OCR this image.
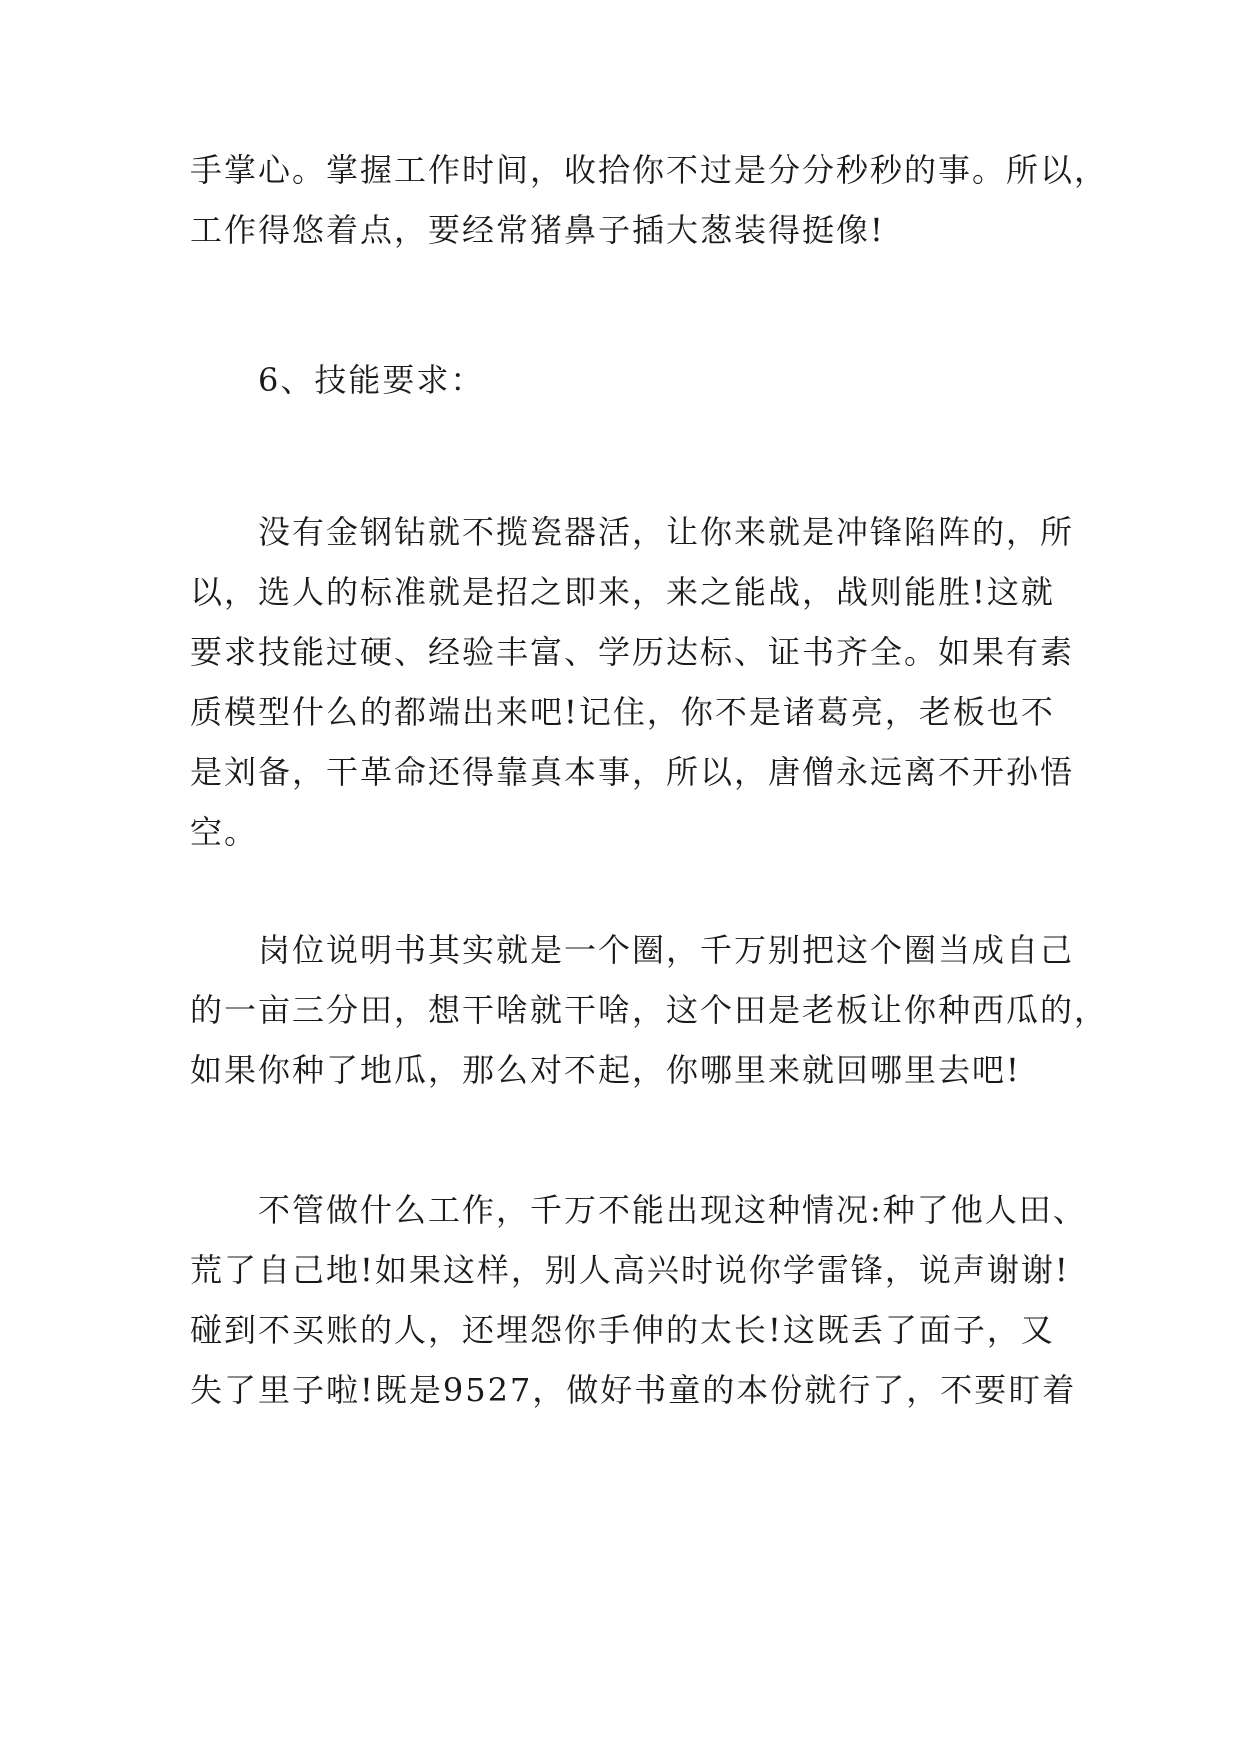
手掌心。掌握工作时间，收拾你不过是分分秒秒的事。所以，
工作得悠着点，要经常猪鼻子插大葱装得挺像!
6、技能要求：
没有金钢钻就不揽瓷器活，让你来就是冲锋陷阵的，所
以，选人的标准就是招之即来，来之能战，战则能胜!这就
要求技能过硬、经验丰富、学历达标、证书齐全。如果有素
质模型什么的都端出来吧!记住，你不是诸葛亮，老板也不
是刘备，干革命还得靠真本事，所以，唐僧永远离不开孙悟
空。
岗位说明书其实就是一个圈，千万别把这个圈当成自己
的一亩三分田，想干啥就干啥，这个田是老板让你种西瓜的，
如果你种了地瓜，那么对不起，你哪里来就回哪里去吧!
不管做什么工作，千万不能出现这种情况:种了他人田、
荒了自己地!如果这样，别人高兴时说你学雷锋，说声谢谢!
碰到不买账的人，还埋怨你手伸的太长!这既丢了面子，又
失了里子啦!既是9527，做好书童的本份就行了，不要盯着
